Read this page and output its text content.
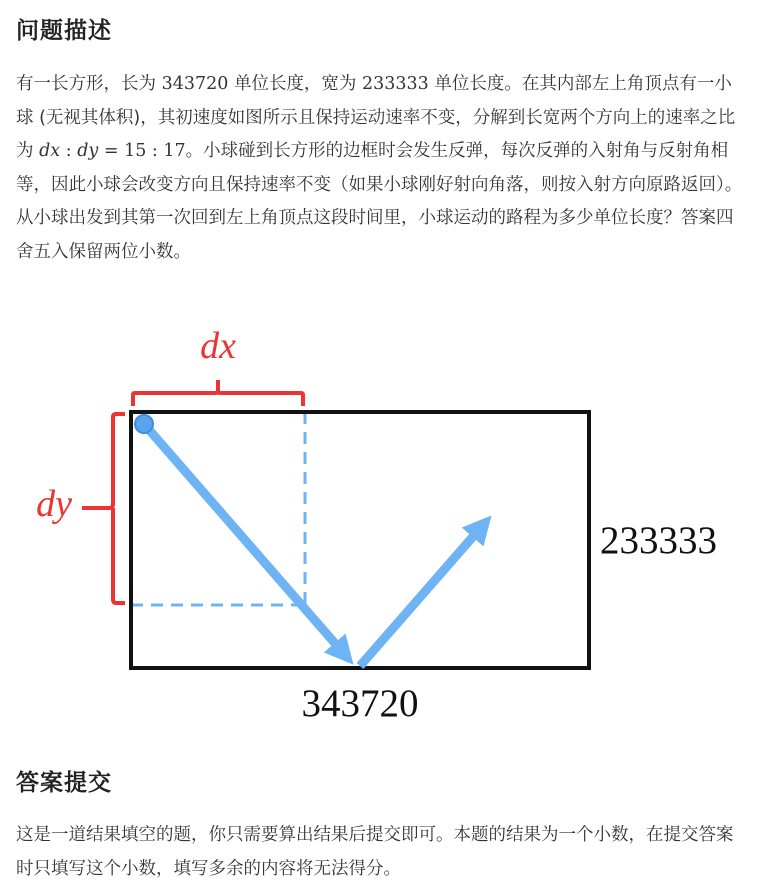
问题描述

有一长方形，长为 343720 单位长度，宽为 233333 单位长度。在其内部左上角顶点有一小球 (无视其体积)，其初速度如图所示且保持运动速率不变，分解到长宽两个方向上的速率之比为 dx : dy = 15 : 17。小球碰到长方形的边框时会发生反弹，每次反弹的入射角与反射角相等，因此小球会改变方向且保持速率不变（如果小球刚好射向角落，则按入射方向原路返回）。从小球出发到其第一次回到左上角顶点这段时间里，小球运动的路程为多少单位长度？答案四舍五入保留两位小数。

dx
dy
233333
343720
答案提交

这是一道结果填空的题，你只需要算出结果后提交即可。本题的结果为一个小数，在提交答案时只填写这个小数，填写多余的内容将无法得分。
